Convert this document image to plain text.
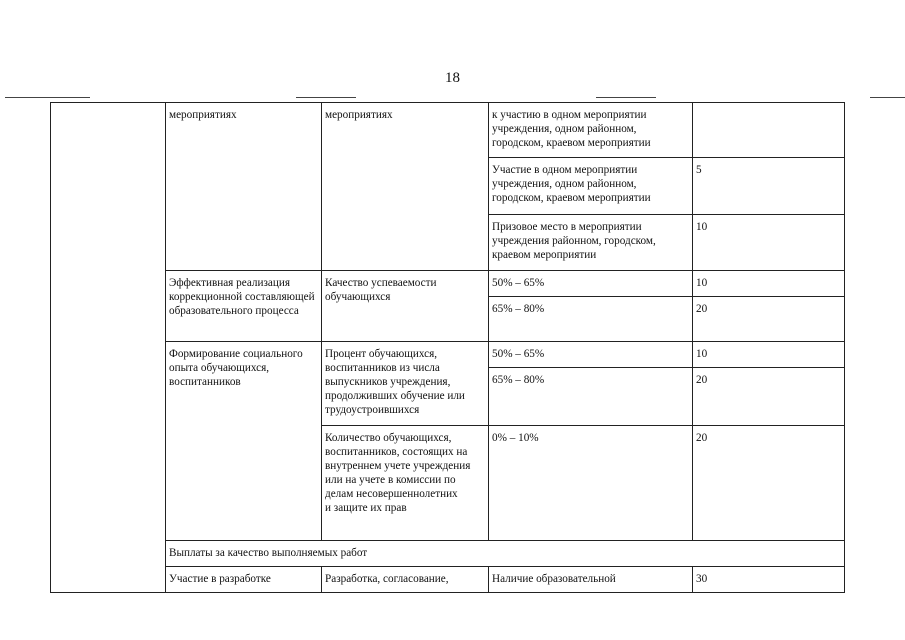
18

	мероприятиях	мероприятиях	к участию в одном мероприятии учреждения, одном районном, городском, краевом мероприятии	

			Участие в одном мероприятии учреждения, одном районном, городском, краевом мероприятии	5

			Призовое место в мероприятии учреждения районном, городском, краевом мероприятии	10

	Эффективная реализация коррекционной составляющей образовательного процесса	Качество успеваемости обучающихся	50% – 65%	10

			65% – 80%	20

	Формирование социального опыта обучающихся, воспитанников	Процент обучающихся, воспитанников из числа выпускников учреждения, продолживших обучение или трудоустроившихся	50% – 65%	10

			65% – 80%	20

		Количество обучающихся, воспитанников, состоящих на внутреннем учете учреждения или на учете в комиссии по делам несовершеннолетних
и защите их прав	0% – 10%	20

	Выплаты за качество выполняемых работ			

	Участие в разработке	Разработка, согласование,	Наличие образовательной	30
